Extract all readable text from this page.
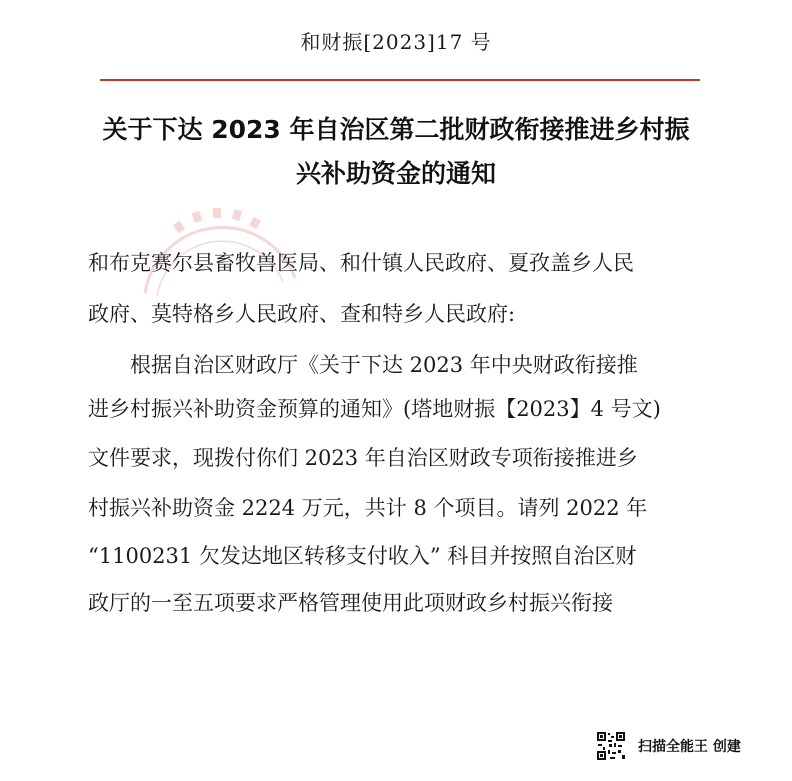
和财振[2023]17 号
关于下达 2023 年自治区第二批财政衔接推进乡村振
兴补助资金的通知
和布克赛尔县畜牧兽医局、和什镇人民政府、夏孜盖乡人民
政府、莫特格乡人民政府、查和特乡人民政府:
根据自治区财政厅《关于下达 2023 年中央财政衔接推
进乡村振兴补助资金预算的通知》(塔地财振【2023】4 号文)
文件要求，现拨付你们 2023 年自治区财政专项衔接推进乡
村振兴补助资金 2224 万元，共计 8 个项目。请列 2022 年
“1100231 欠发达地区转移支付收入” 科目并按照自治区财
政厅的一至五项要求严格管理使用此项财政乡村振兴衔接
扫描全能王 创建
